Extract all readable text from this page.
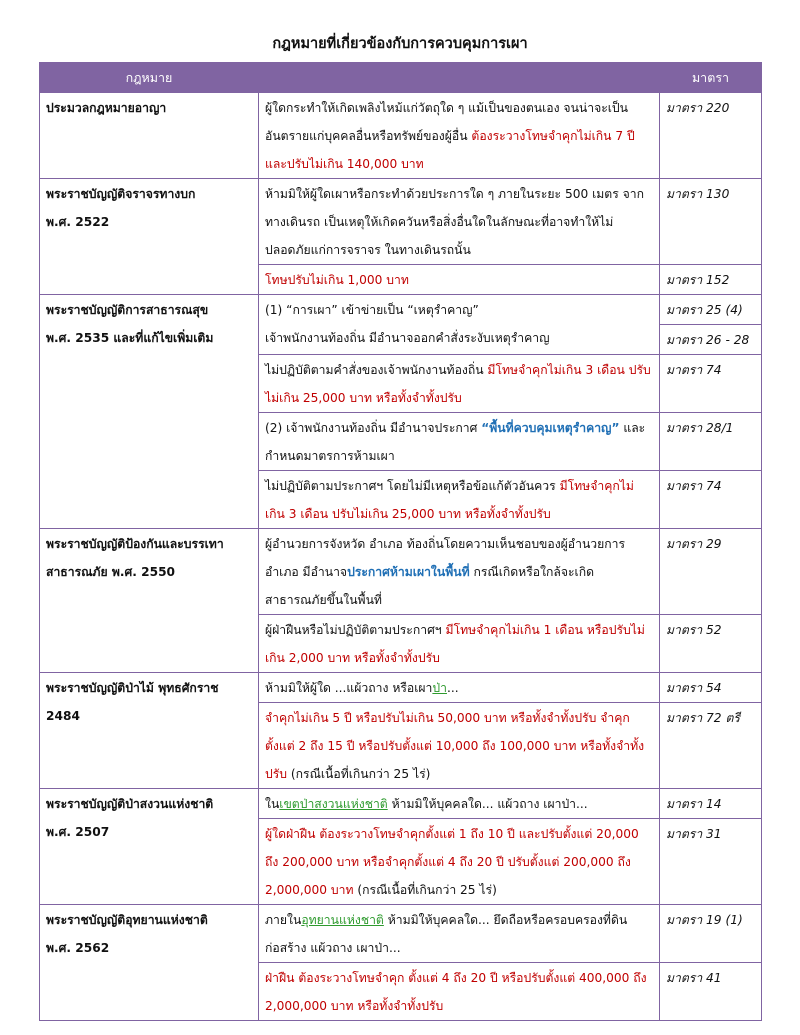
กฎหมายที่เกี่ยวข้องกับการควบคุมการเผา
กฎหมาย		มาตรา
ประมวลกฎหมายอาญา	ผู้ใดกระทำให้เกิดเพลิงไหม้แก่วัตถุใด ๆ แม้เป็นของตนเอง จนน่าจะเป็นอันตรายแก่บุคคลอื่นหรือทรัพย์ของผู้อื่น ต้องระวางโทษจำคุกไม่เกิน 7 ปี และปรับไม่เกิน 140,000 บาท	มาตรา 220
พระราชบัญญัติจราจรทางบก
พ.ศ. 2522	ห้ามมิให้ผู้ใดเผาหรือกระทำด้วยประการใด ๆ ภายในระยะ 500 เมตร จากทางเดินรถ เป็นเหตุให้เกิดควันหรือสิ่งอื่นใดในลักษณะที่อาจทำให้ไม่ปลอดภัยแก่การจราจร ในทางเดินรถนั้น	มาตรา 130
	โทษปรับไม่เกิน 1,000 บาท	มาตรา 152
พระราชบัญญัติการสาธารณสุข
พ.ศ. 2535 และที่แก้ไขเพิ่มเติม	(1) “การเผา” เข้าข่ายเป็น “เหตุรำคาญ”
เจ้าพนักงานท้องถิ่น มีอำนาจออกคำสั่งระงับเหตุรำคาญ	มาตรา 25 (4)
		มาตรา 26 - 28
	ไม่ปฏิบัติตามคำสั่งของเจ้าพนักงานท้องถิ่น มีโทษจำคุกไม่เกิน 3 เดือน ปรับไม่เกิน 25,000 บาท หรือทั้งจำทั้งปรับ	มาตรา 74
	(2) เจ้าพนักงานท้องถิ่น มีอำนาจประกาศ “พื้นที่ควบคุมเหตุรำคาญ” และกำหนดมาตรการห้ามเผา	มาตรา 28/1
	ไม่ปฏิบัติตามประกาศฯ โดยไม่มีเหตุหรือข้อแก้ตัวอันควร มีโทษจำคุกไม่เกิน 3 เดือน ปรับไม่เกิน 25,000 บาท หรือทั้งจำทั้งปรับ	มาตรา 74
พระราชบัญญัติป้องกันและบรรเทา
สาธารณภัย พ.ศ. 2550	ผู้อำนวยการจังหวัด อำเภอ ท้องถิ่นโดยความเห็นชอบของผู้อำนวยการอำเภอ มีอำนาจประกาศห้ามเผาในพื้นที่ กรณีเกิดหรือใกล้จะเกิดสาธารณภัยขึ้นในพื้นที่	มาตรา 29
	ผู้ฝ่าฝืนหรือไม่ปฏิบัติตามประกาศฯ มีโทษจำคุกไม่เกิน 1 เดือน หรือปรับไม่เกิน 2,000 บาท หรือทั้งจำทั้งปรับ	มาตรา 52
พระราชบัญญัติป่าไม้ พุทธศักราช
2484	ห้ามมิให้ผู้ใด ...แผ้วถาง หรือเผาป่า...	มาตรา 54
	จำคุกไม่เกิน 5 ปี หรือปรับไม่เกิน 50,000 บาท หรือทั้งจำทั้งปรับ จำคุกตั้งแต่ 2 ถึง 15 ปี หรือปรับตั้งแต่ 10,000 ถึง 100,000 บาท หรือทั้งจำทั้งปรับ (กรณีเนื้อที่เกินกว่า 25 ไร่)	มาตรา 72 ตรี
พระราชบัญญัติป่าสงวนแห่งชาติ
พ.ศ. 2507	ในเขตป่าสงวนแห่งชาติ ห้ามมิให้บุคคลใด... แผ้วถาง เผาป่า...	มาตรา 14
	ผู้ใดฝ่าฝืน ต้องระวางโทษจำคุกตั้งแต่ 1 ถึง 10 ปี และปรับตั้งแต่ 20,000 ถึง 200,000 บาท หรือจำคุกตั้งแต่ 4 ถึง 20 ปี ปรับตั้งแต่ 200,000 ถึง 2,000,000 บาท (กรณีเนื้อที่เกินกว่า 25 ไร่)	มาตรา 31
พระราชบัญญัติอุทยานแห่งชาติ
พ.ศ. 2562	ภายในอุทยานแห่งชาติ ห้ามมิให้บุคคลใด... ยึดถือหรือครอบครองที่ดิน ก่อสร้าง แผ้วถาง เผาป่า...	มาตรา 19 (1)
	ฝ่าฝืน ต้องระวางโทษจำคุก ตั้งแต่ 4 ถึง 20 ปี หรือปรับตั้งแต่ 400,000 ถึง 2,000,000 บาท หรือทั้งจำทั้งปรับ	มาตรา 41
